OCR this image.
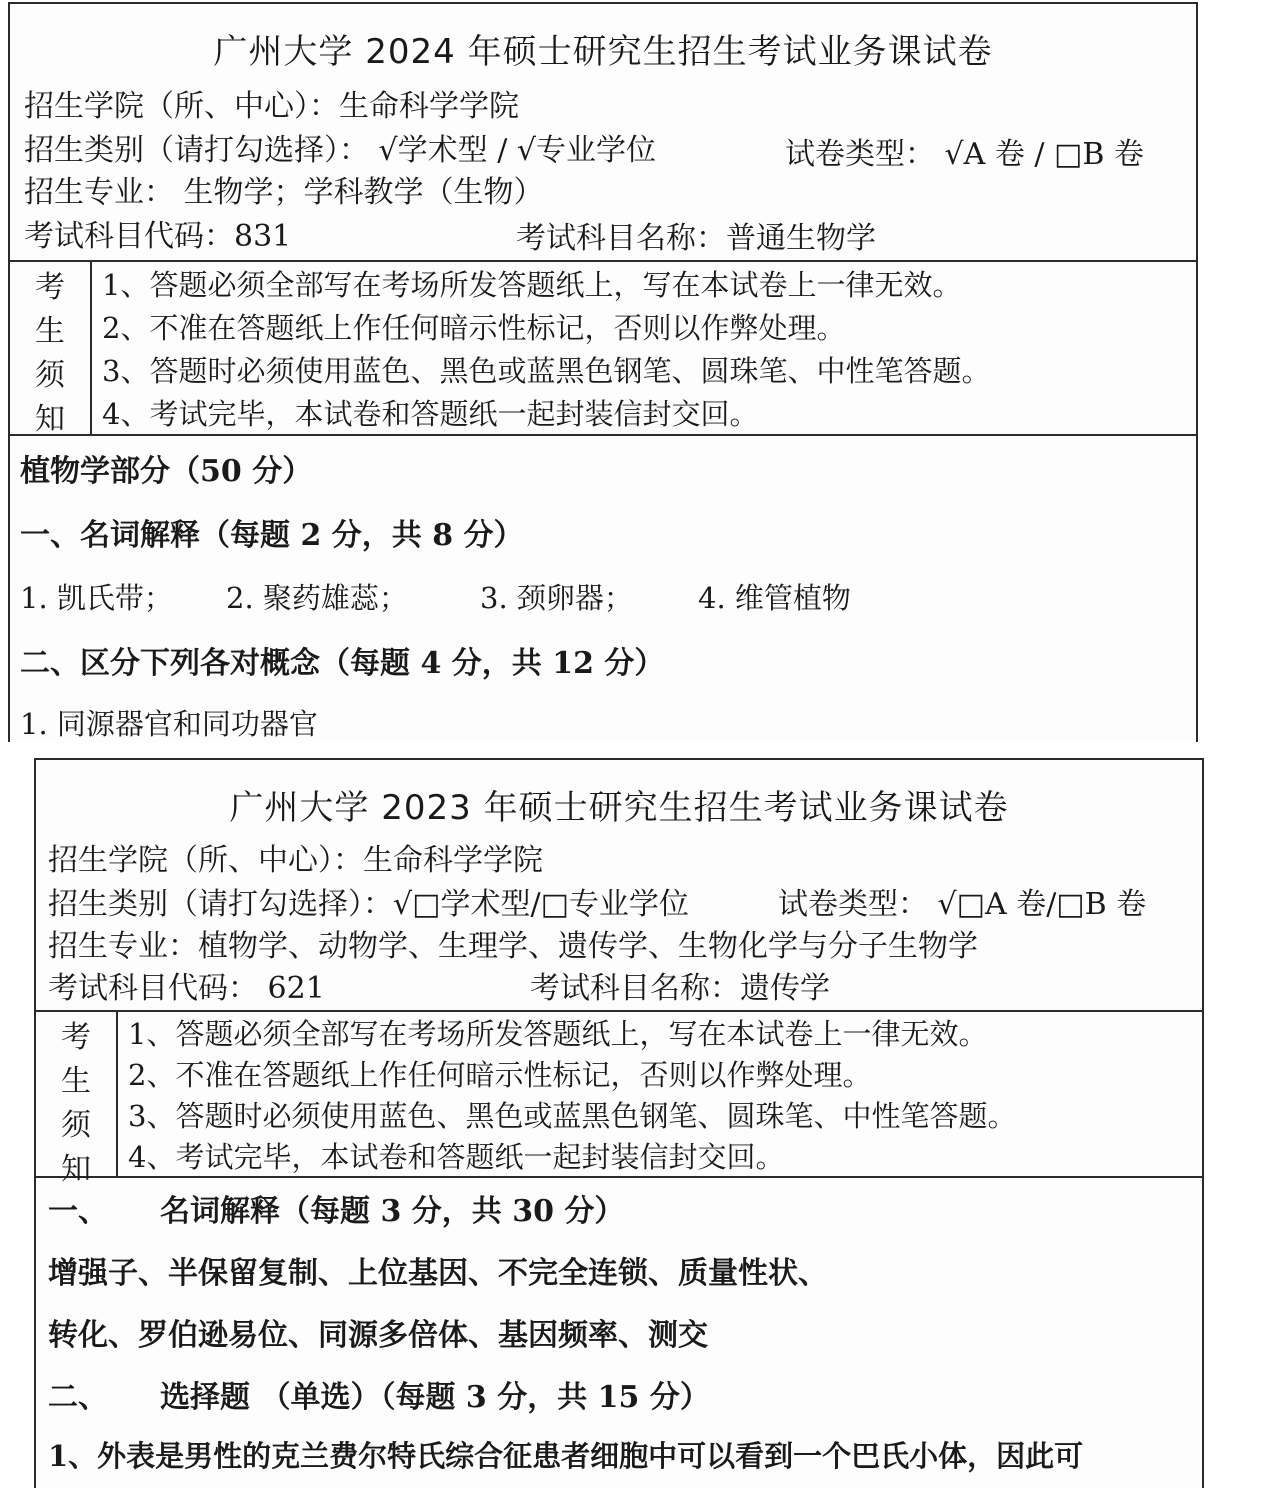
广州大学 2024 年硕士研究生招生考试业务课试卷
招生学院（所、中心）：生命科学学院
招生类别（请打勾选择）： √学术型 / √专业学位	试卷类型： √A 卷 / □B 卷
招生专业： 生物学；学科教学（生物）
考试科目代码：831	考试科目名称：普通生物学
考
生
须
知
1、答题必须全部写在考场所发答题纸上，写在本试卷上一律无效。
2、不准在答题纸上作任何暗示性标记，否则以作弊处理。
3、答题时必须使用蓝色、黑色或蓝黑色钢笔、圆珠笔、中性笔答题。
4、考试完毕，本试卷和答题纸一起封装信封交回。
植物学部分（50 分）
一、名词解释（每题 2 分，共 8 分）
1. 凯氏带； 2. 聚药雄蕊； 3. 颈卵器； 4. 维管植物
二、区分下列各对概念（每题 4 分，共 12 分）
1. 同源器官和同功器官
广州大学 2023 年硕士研究生招生考试业务课试卷
招生学院（所、中心）：生命科学学院
招生类别（请打勾选择）：√□学术型/□专业学位	试卷类型： √□A 卷/□B 卷
招生专业：植物学、动物学、生理学、遗传学、生物化学与分子生物学
考试科目代码： 621	考试科目名称：遗传学
考
生
须
知
1、答题必须全部写在考场所发答题纸上，写在本试卷上一律无效。
2、不准在答题纸上作任何暗示性标记，否则以作弊处理。
3、答题时必须使用蓝色、黑色或蓝黑色钢笔、圆珠笔、中性笔答题。
4、考试完毕，本试卷和答题纸一起封装信封交回。
一、 名词解释（每题 3 分，共 30 分）
增强子、半保留复制、上位基因、不完全连锁、质量性状、
转化、罗伯逊易位、同源多倍体、基因频率、测交
二、 选择题 （单选）（每题 3 分，共 15 分）
1、外表是男性的克兰费尔特氏综合征患者细胞中可以看到一个巴氏小体，因此可
